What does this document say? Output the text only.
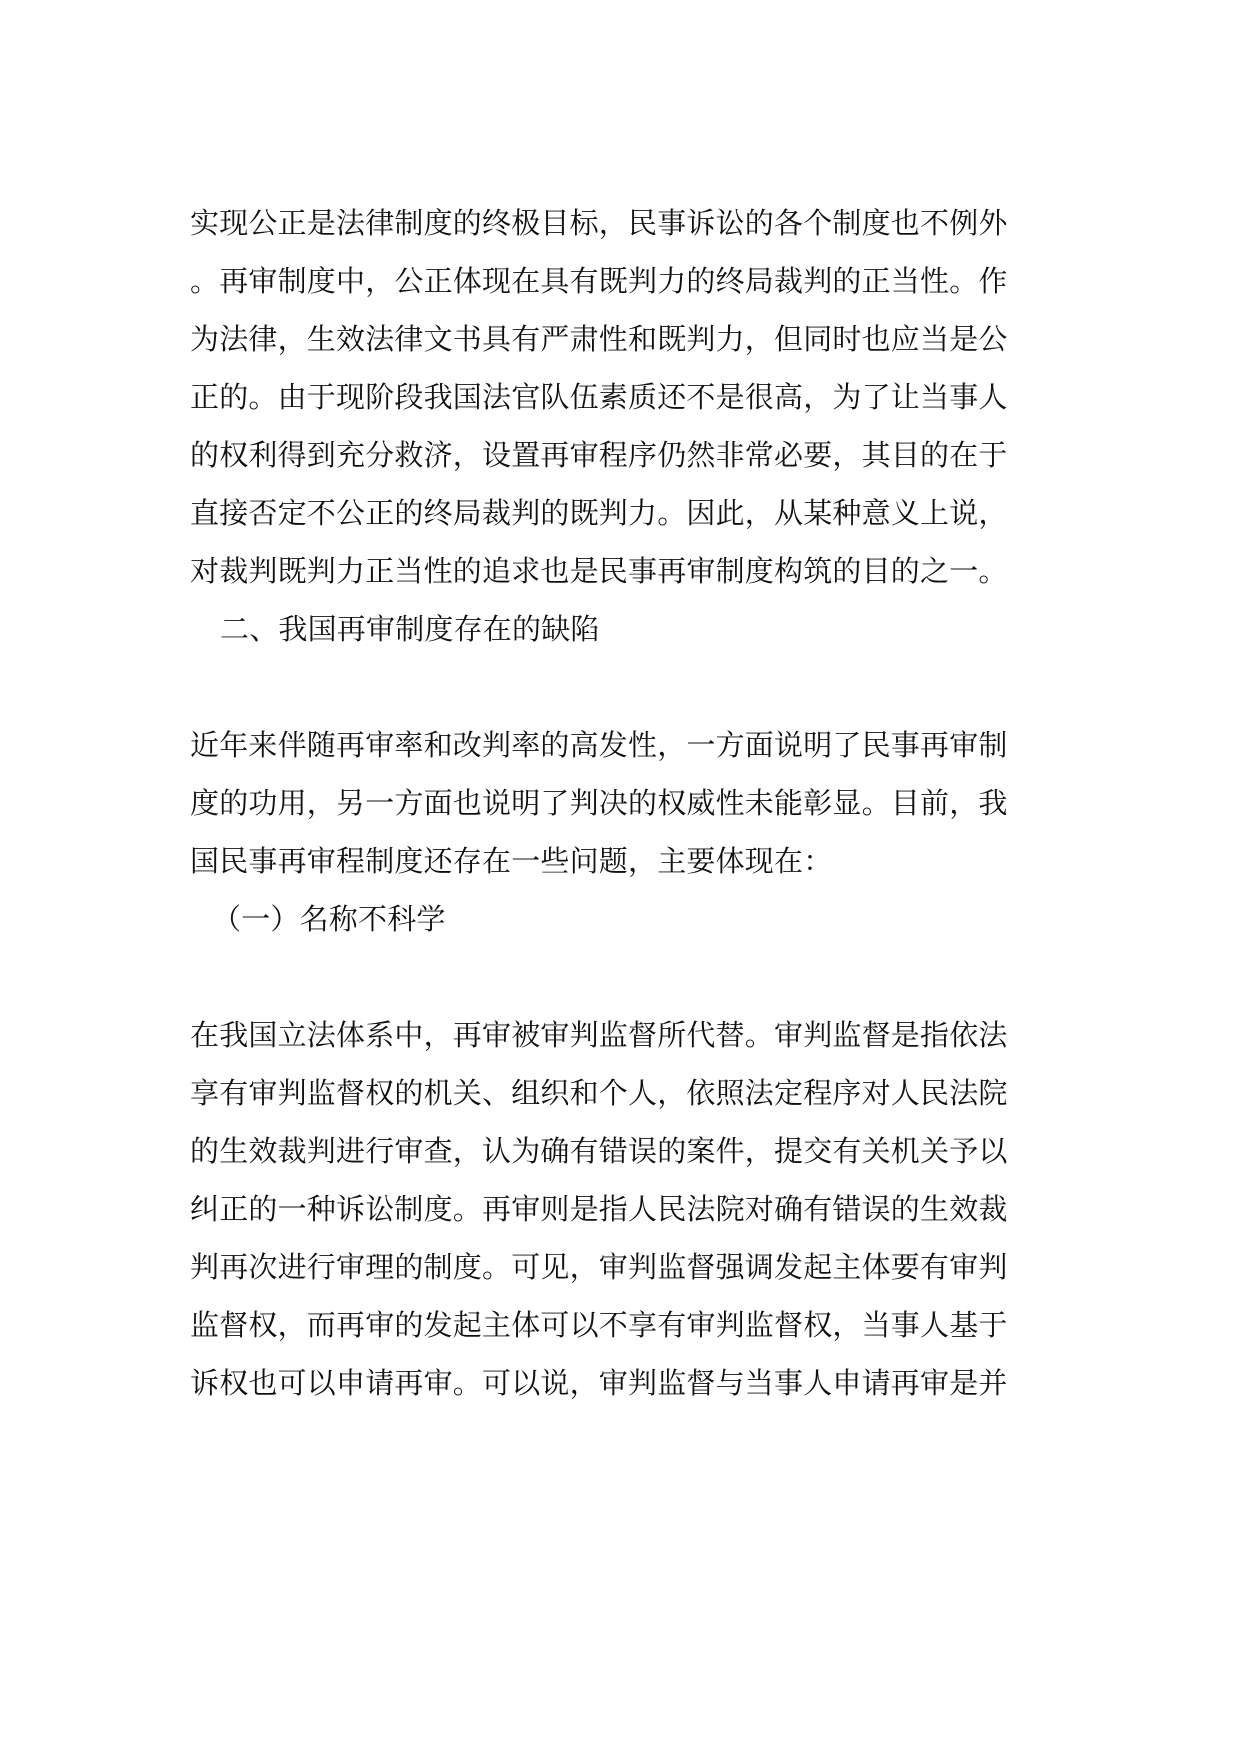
实现公正是法律制度的终极目标，民事诉讼的各个制度也不例外
。再审制度中，公正体现在具有既判力的终局裁判的正当性。作
为法律，生效法律文书具有严肃性和既判力，但同时也应当是公
正的。由于现阶段我国法官队伍素质还不是很高，为了让当事人
的权利得到充分救济，设置再审程序仍然非常必要，其目的在于
直接否定不公正的终局裁判的既判力。因此，从某种意义上说，
对裁判既判力正当性的追求也是民事再审制度构筑的目的之一。
二、我国再审制度存在的缺陷
近年来伴随再审率和改判率的高发性，一方面说明了民事再审制
度的功用，另一方面也说明了判决的权威性未能彰显。目前，我
国民事再审程制度还存在一些问题，主要体现在：
（一）名称不科学
在我国立法体系中，再审被审判监督所代替。审判监督是指依法
享有审判监督权的机关、组织和个人，依照法定程序对人民法院
的生效裁判进行审查，认为确有错误的案件，提交有关机关予以
纠正的一种诉讼制度。再审则是指人民法院对确有错误的生效裁
判再次进行审理的制度。可见，审判监督强调发起主体要有审判
监督权，而再审的发起主体可以不享有审判监督权，当事人基于
诉权也可以申请再审。可以说，审判监督与当事人申请再审是并
